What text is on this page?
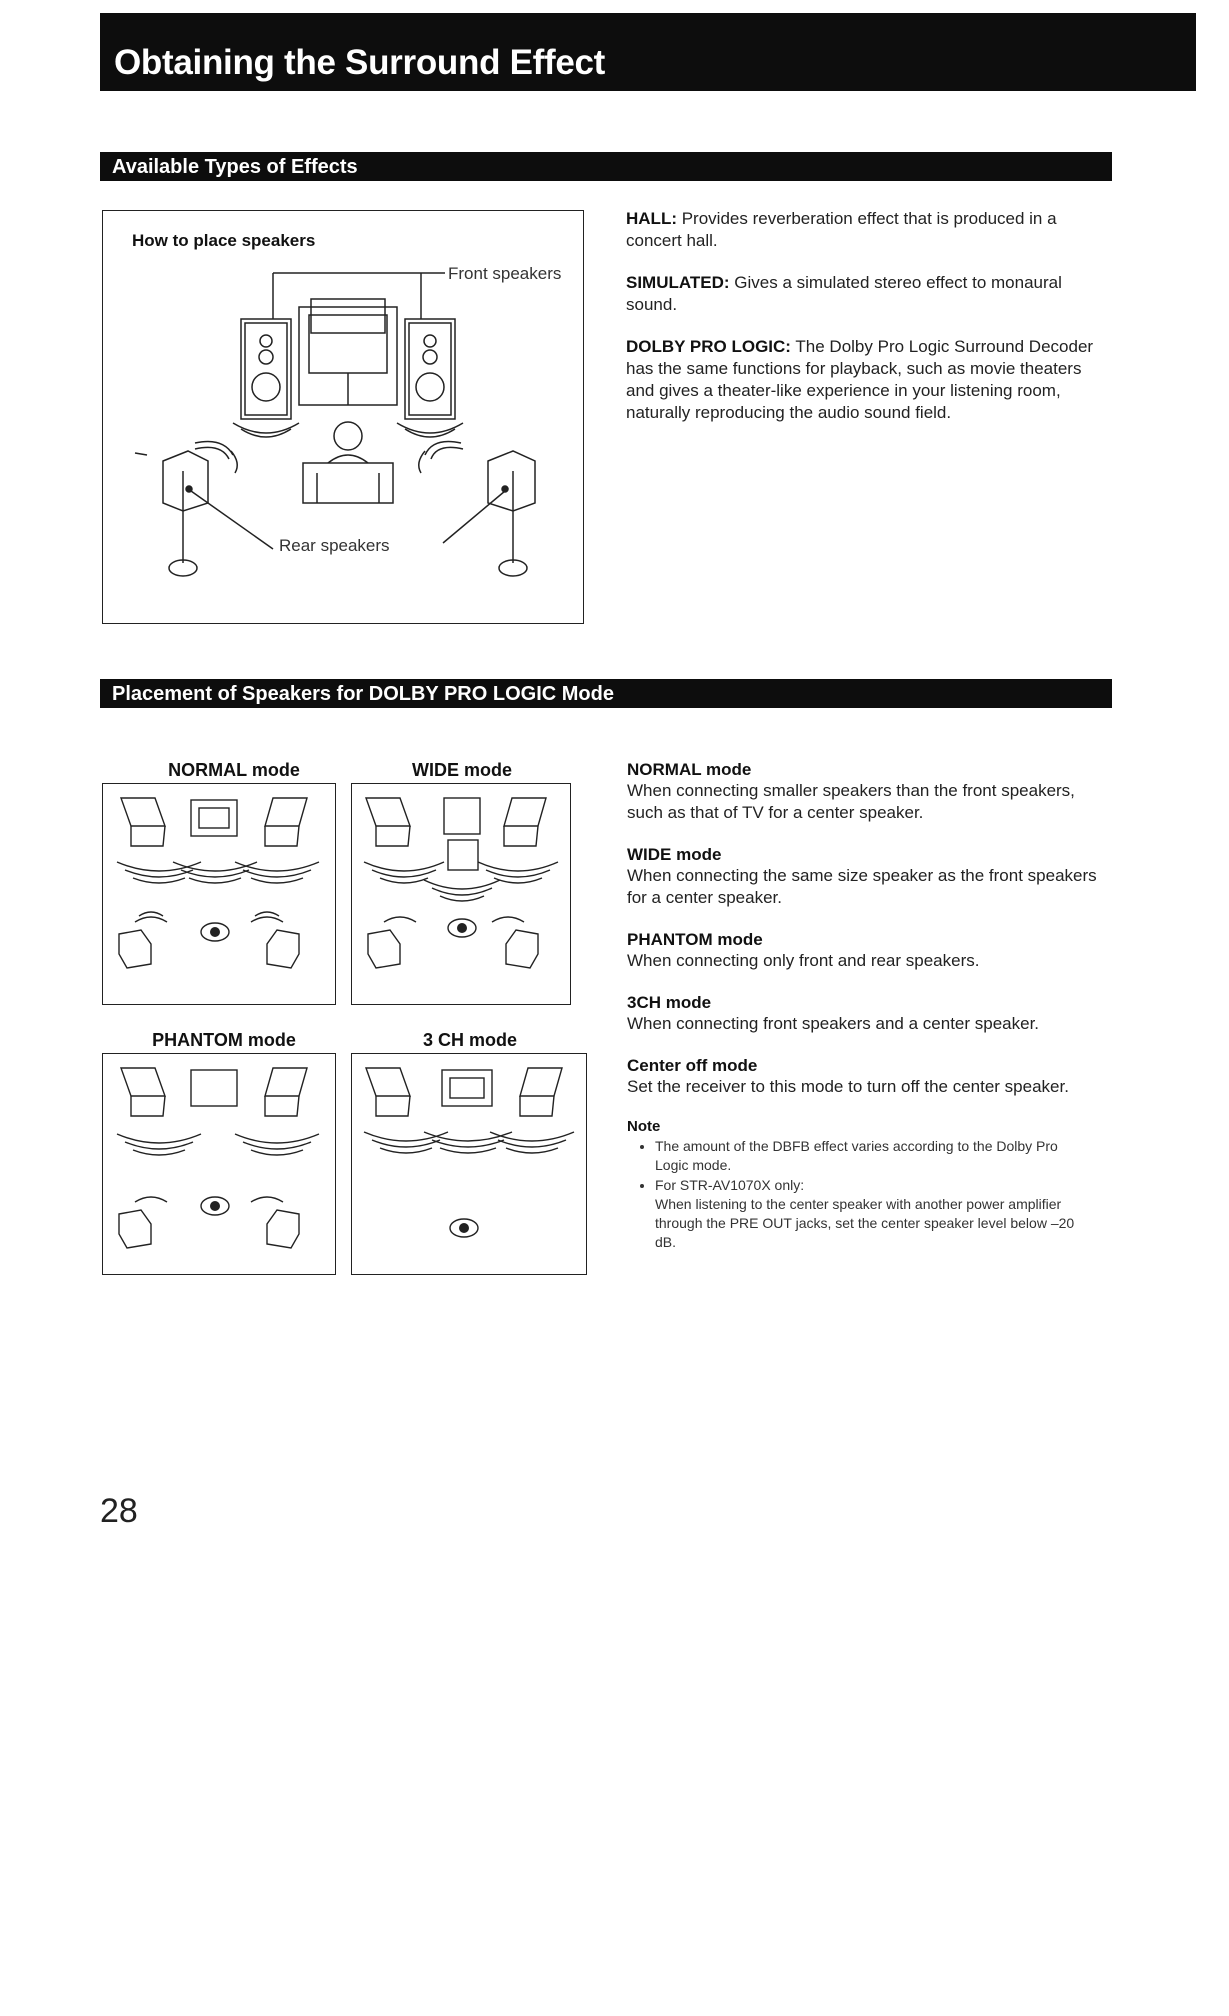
Obtaining the Surround Effect
Available Types of Effects
How to place speakers
Front speakers
Rear speakers
HALL: Provides reverberation effect that is produced in a concert hall.
SIMULATED: Gives a simulated stereo effect to monaural sound.
DOLBY PRO LOGIC: The Dolby Pro Logic Surround Decoder has the same functions for playback, such as movie theaters and gives a theater-like experience in your listening room, naturally reproducing the audio sound field.
Placement of Speakers for DOLBY PRO LOGIC Mode
NORMAL mode	WIDE mode
PHANTOM mode	3 CH mode
NORMAL mode
When connecting smaller speakers than the front speakers, such as that of TV for a center speaker.
WIDE mode
When connecting the same size speaker as the front speakers for a center speaker.
PHANTOM mode
When connecting only front and rear speakers.
3CH mode
When connecting front speakers and a center speaker.
Center off mode
Set the receiver to this mode to turn off the center speaker.
Note
• The amount of the DBFB effect varies according to the Dolby Pro Logic mode.
• For STR-AV1070X only:
When listening to the center speaker with another power amplifier through the PRE OUT jacks, set the center speaker level below –20 dB.
28
